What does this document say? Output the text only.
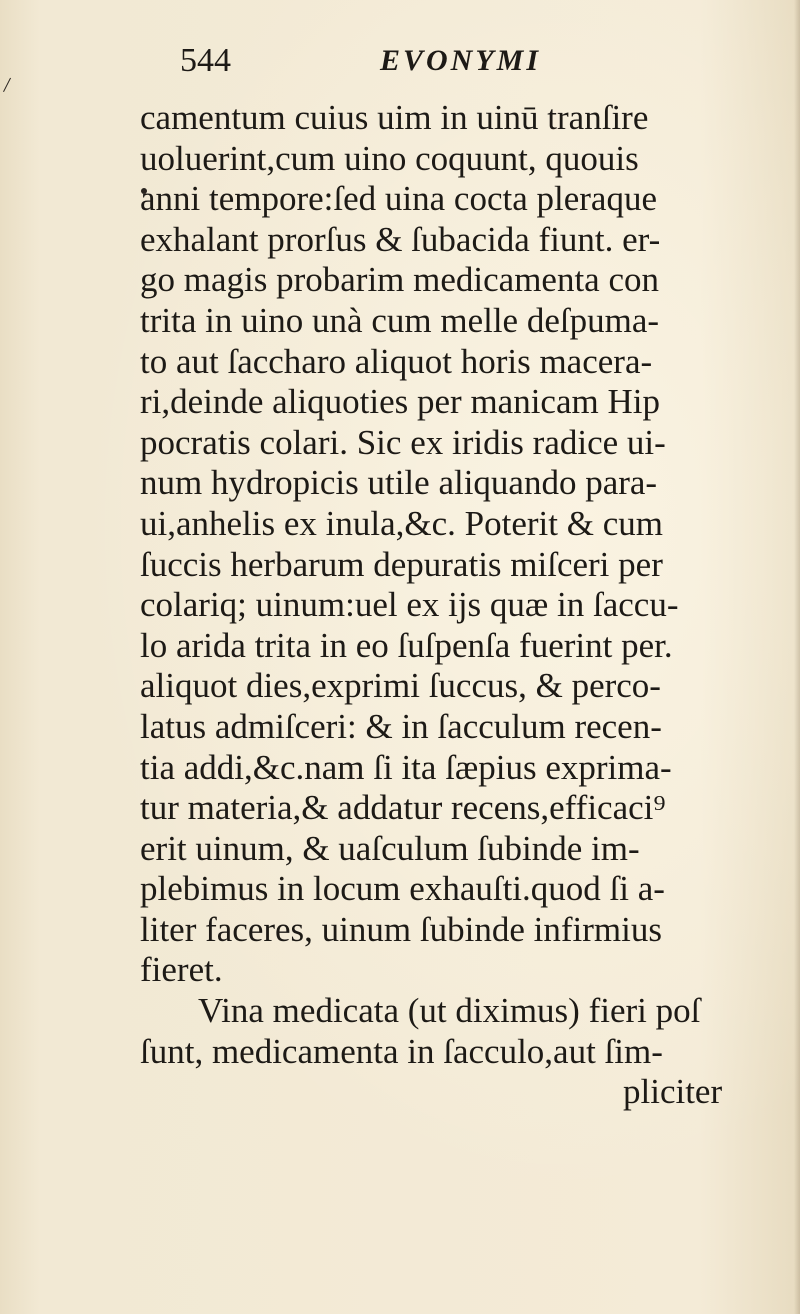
/
544	EVONYMI
camentum cuius uim in uinū tranſire
uoluerint,cum uino coquunt, quouis
anni tempore:ſed uina cocta pleraque
exhalant prorſus & ſubacida fiunt. er-
go magis probarim medicamenta con
trita in uino unà cum melle deſpuma-
to aut ſaccharo aliquot horis macera-
ri,deinde aliquoties per manicam Hip
pocratis colari. Sic ex iridis radice ui-
num hydropicis utile aliquando para-
ui,anhelis ex inula,&c. Poterit & cum
ſuccis herbarum depuratis miſceri per
colariq; uinum:uel ex ijs quæ in ſaccu-
lo arida trita in eo ſuſpenſa fuerint per.
aliquot dies,exprimi ſuccus, & perco-
latus admiſceri: & in ſacculum recen-
tia addi,&c.nam ſi ita ſæpius exprima-
tur materia,& addatur recens,efficaci⁹
erit uinum, & uaſculum ſubinde im-
plebimus in locum exhauſti.quod ſi a-
liter faceres, uinum ſubinde infirmius
fieret.
Vina medicata (ut diximus) fieri poſ
ſunt, medicamenta in ſacculo,aut ſim-
pliciter
